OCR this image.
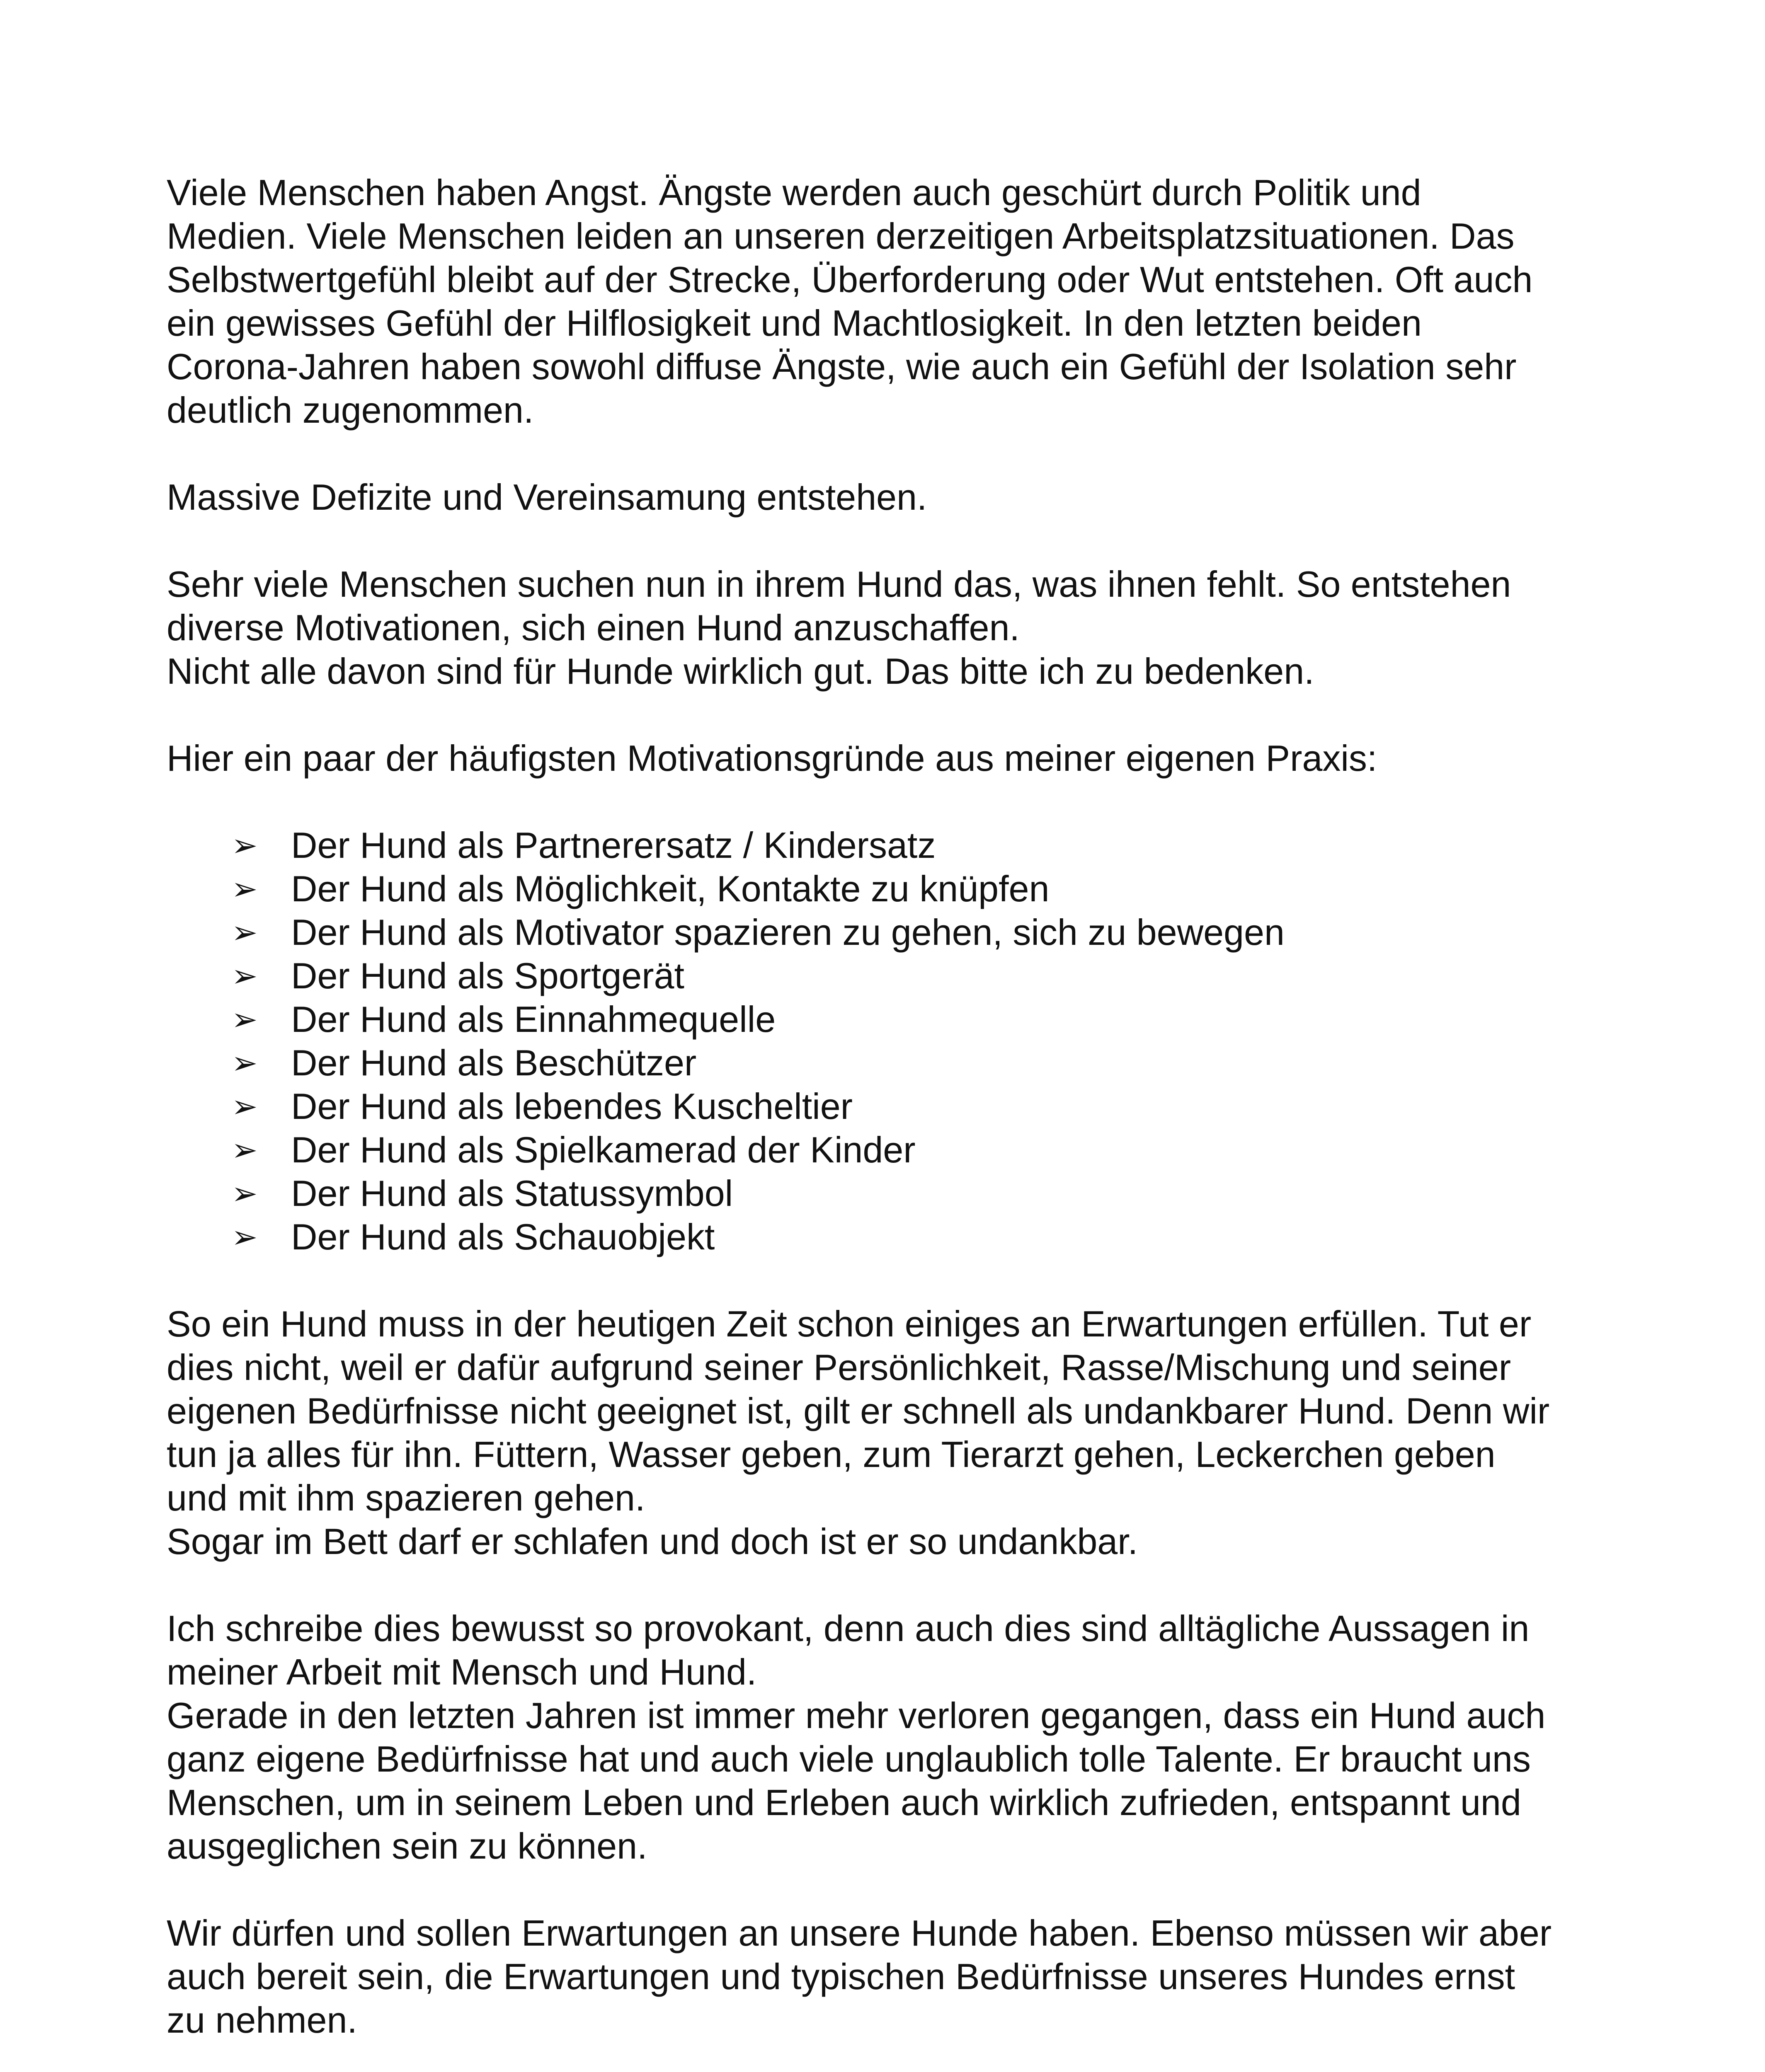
Viele Menschen haben Angst. Ängste werden auch geschürt durch Politik und
Medien. Viele Menschen leiden an unseren derzeitigen Arbeitsplatzsituationen. Das
Selbstwertgefühl bleibt auf der Strecke, Überforderung oder Wut entstehen. Oft auch
ein gewisses Gefühl der Hilflosigkeit und Machtlosigkeit. In den letzten beiden
Corona-Jahren haben sowohl diffuse Ängste, wie auch ein Gefühl der Isolation sehr
deutlich zugenommen.

Massive Defizite und Vereinsamung entstehen.

Sehr viele Menschen suchen nun in ihrem Hund das, was ihnen fehlt. So entstehen
diverse Motivationen, sich einen Hund anzuschaffen.
Nicht alle davon sind für Hunde wirklich gut. Das bitte ich zu bedenken.

Hier ein paar der häufigsten Motivationsgründe aus meiner eigenen Praxis:

➢ Der Hund als Partnerersatz / Kindersatz
➢ Der Hund als Möglichkeit, Kontakte zu knüpfen
➢ Der Hund als Motivator spazieren zu gehen, sich zu bewegen
➢ Der Hund als Sportgerät
➢ Der Hund als Einnahmequelle
➢ Der Hund als Beschützer
➢ Der Hund als lebendes Kuscheltier
➢ Der Hund als Spielkamerad der Kinder
➢ Der Hund als Statussymbol
➢ Der Hund als Schauobjekt

So ein Hund muss in der heutigen Zeit schon einiges an Erwartungen erfüllen. Tut er
dies nicht, weil er dafür aufgrund seiner Persönlichkeit, Rasse/Mischung und seiner
eigenen Bedürfnisse nicht geeignet ist, gilt er schnell als undankbarer Hund. Denn wir
tun ja alles für ihn. Füttern, Wasser geben, zum Tierarzt gehen, Leckerchen geben
und mit ihm spazieren gehen.
Sogar im Bett darf er schlafen und doch ist er so undankbar.

Ich schreibe dies bewusst so provokant, denn auch dies sind alltägliche Aussagen in
meiner Arbeit mit Mensch und Hund.
Gerade in den letzten Jahren ist immer mehr verloren gegangen, dass ein Hund auch
ganz eigene Bedürfnisse hat und auch viele unglaublich tolle Talente. Er braucht uns
Menschen, um in seinem Leben und Erleben auch wirklich zufrieden, entspannt und
ausgeglichen sein zu können.

Wir dürfen und sollen Erwartungen an unsere Hunde haben. Ebenso müssen wir aber
auch bereit sein, die Erwartungen und typischen Bedürfnisse unseres Hundes ernst
zu nehmen.
